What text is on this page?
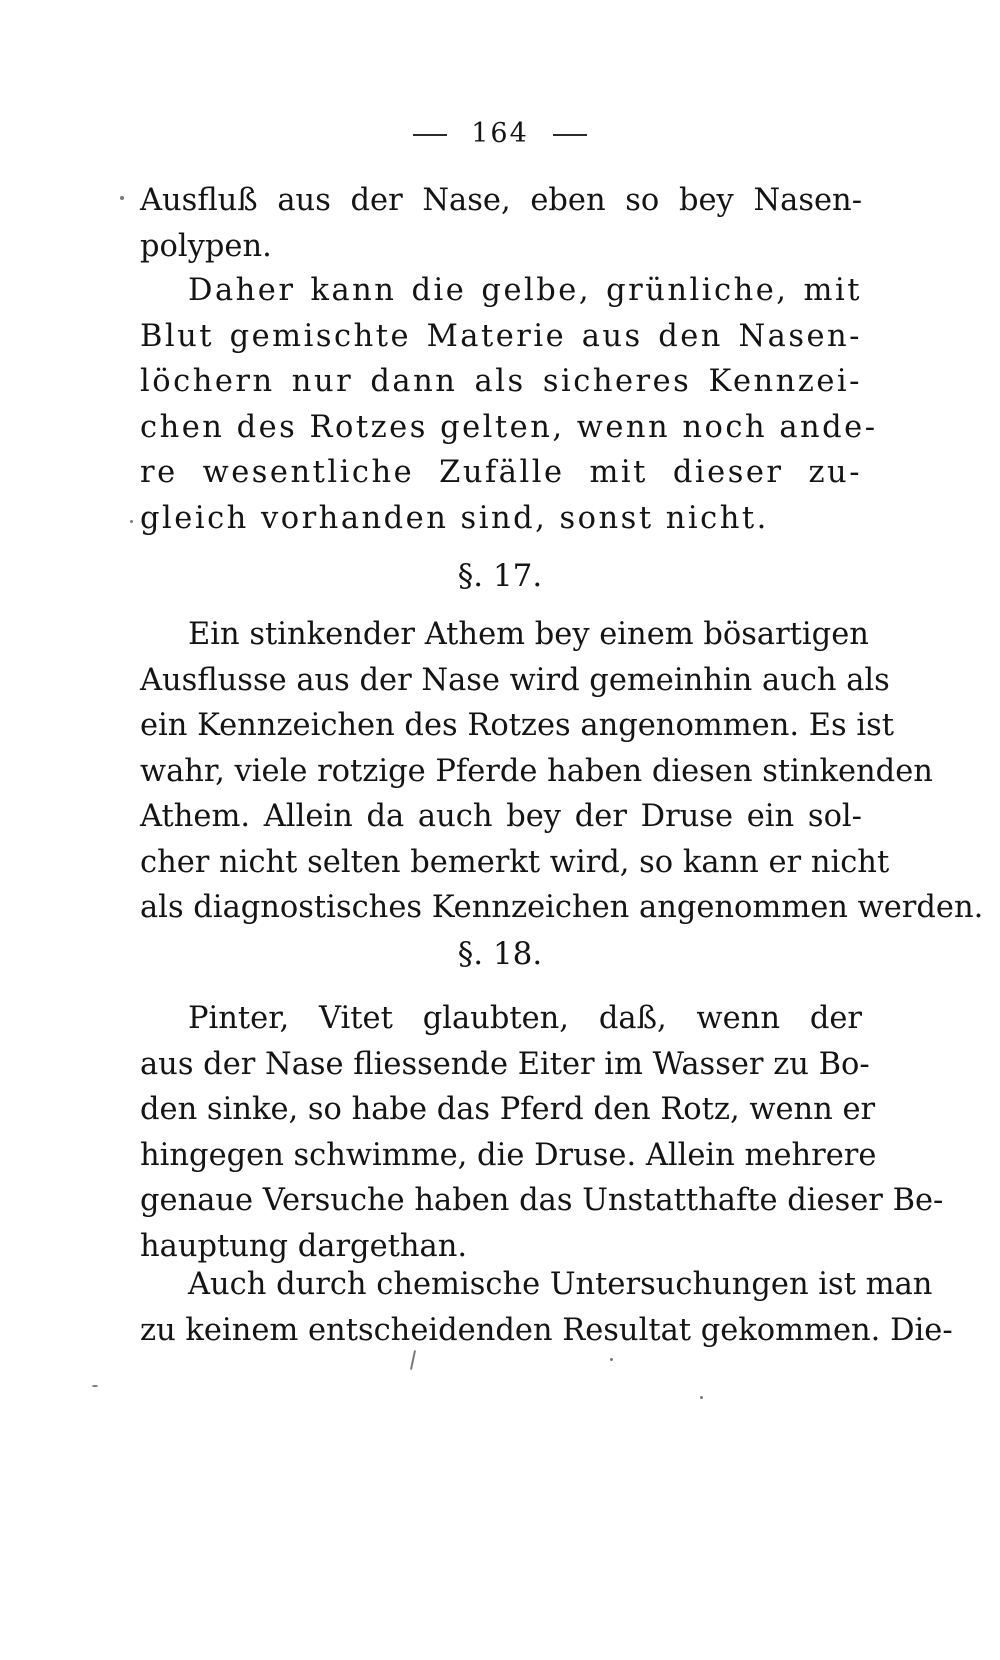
164
Ausfluß aus der Nase, eben so bey Nasen-
polypen.
Daher kann die gelbe, grünliche, mit
Blut gemischte Materie aus den Nasen-
löchern nur dann als sicheres Kennzei-
chen des Rotzes gelten, wenn noch ande-
re wesentliche Zufälle mit dieser zu-
gleich vorhanden sind, sonst nicht.
§. 17.
Ein stinkender Athem bey einem bösartigen
Ausflusse aus der Nase wird gemeinhin auch als
ein Kennzeichen des Rotzes angenommen. Es ist
wahr, viele rotzige Pferde haben diesen stinkenden
Athem. Allein da auch bey der Druse ein sol-
cher nicht selten bemerkt wird, so kann er nicht
als diagnostisches Kennzeichen angenommen werden.
§. 18.
Pinter, Vitet glaubten, daß, wenn der
aus der Nase fliessende Eiter im Wasser zu Bo-
den sinke, so habe das Pferd den Rotz, wenn er
hingegen schwimme, die Druse. Allein mehrere
genaue Versuche haben das Unstatthafte dieser Be-
hauptung dargethan.
Auch durch chemische Untersuchungen ist man
zu keinem entscheidenden Resultat gekommen. Die-
